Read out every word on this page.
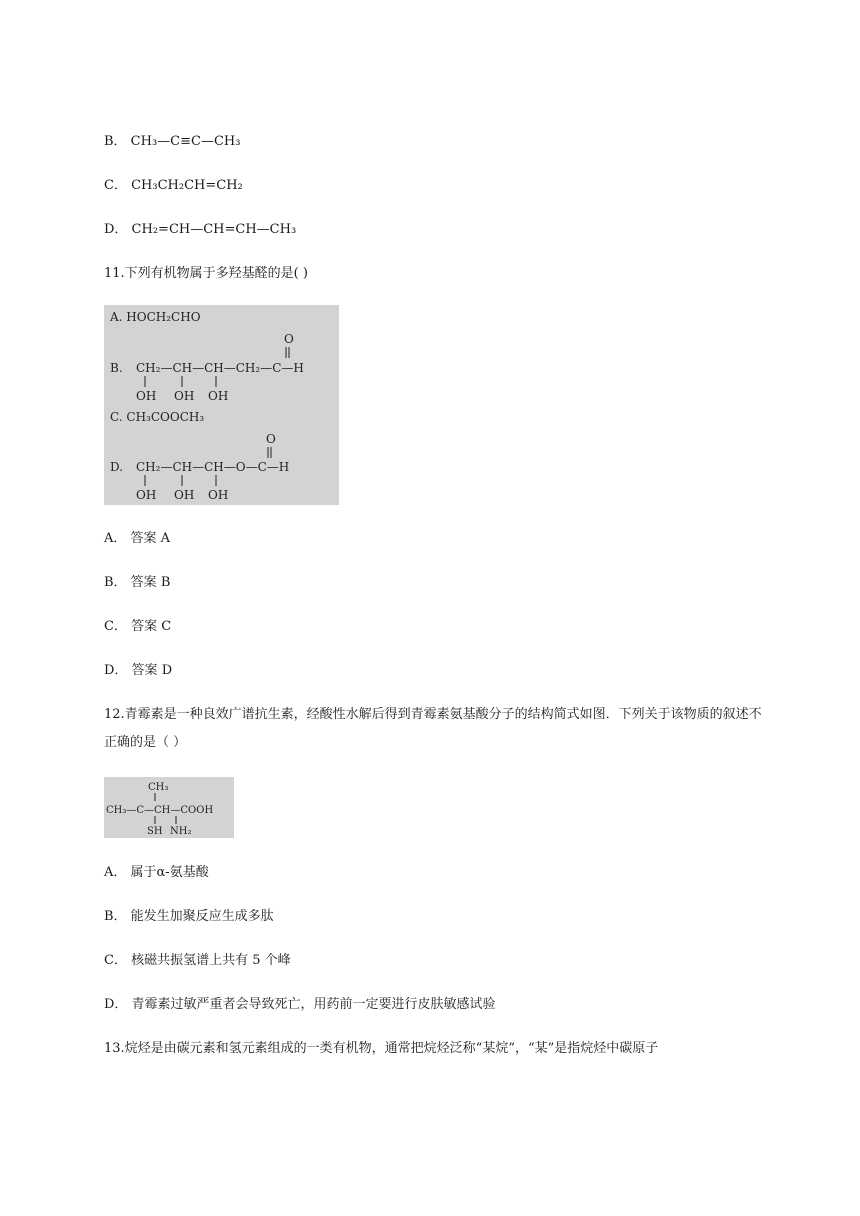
B． CH₃—C≡C—CH₃
C． CH₃CH₂CH=CH₂
D． CH₂=CH—CH=CH—CH₃
11.下列有机物属于多羟基醛的是( )
A. HOCH₂CHO
O
B. CH₂—CH—CH—CH₂—C—H
OH OH OH
C. CH₃COOCH₃
O
D. CH₂—CH—CH—O—C—H
OH OH OH
A． 答案 A
B． 答案 B
C． 答案 C
D． 答案 D
12.青霉素是一种良效广谱抗生素，经酸性水解后得到青霉素氨基酸分子的结构简式如图．下列关于该物质的叙述不正确的是（ ）
CH₃
CH₃—C—CH—COOH
SH NH₂
A． 属于α-氨基酸
B． 能发生加聚反应生成多肽
C． 核磁共振氢谱上共有 5 个峰
D． 青霉素过敏严重者会导致死亡，用药前一定要进行皮肤敏感试验
13.烷烃是由碳元素和氢元素组成的一类有机物，通常把烷烃泛称“某烷”，“某”是指烷烃中碳原子
